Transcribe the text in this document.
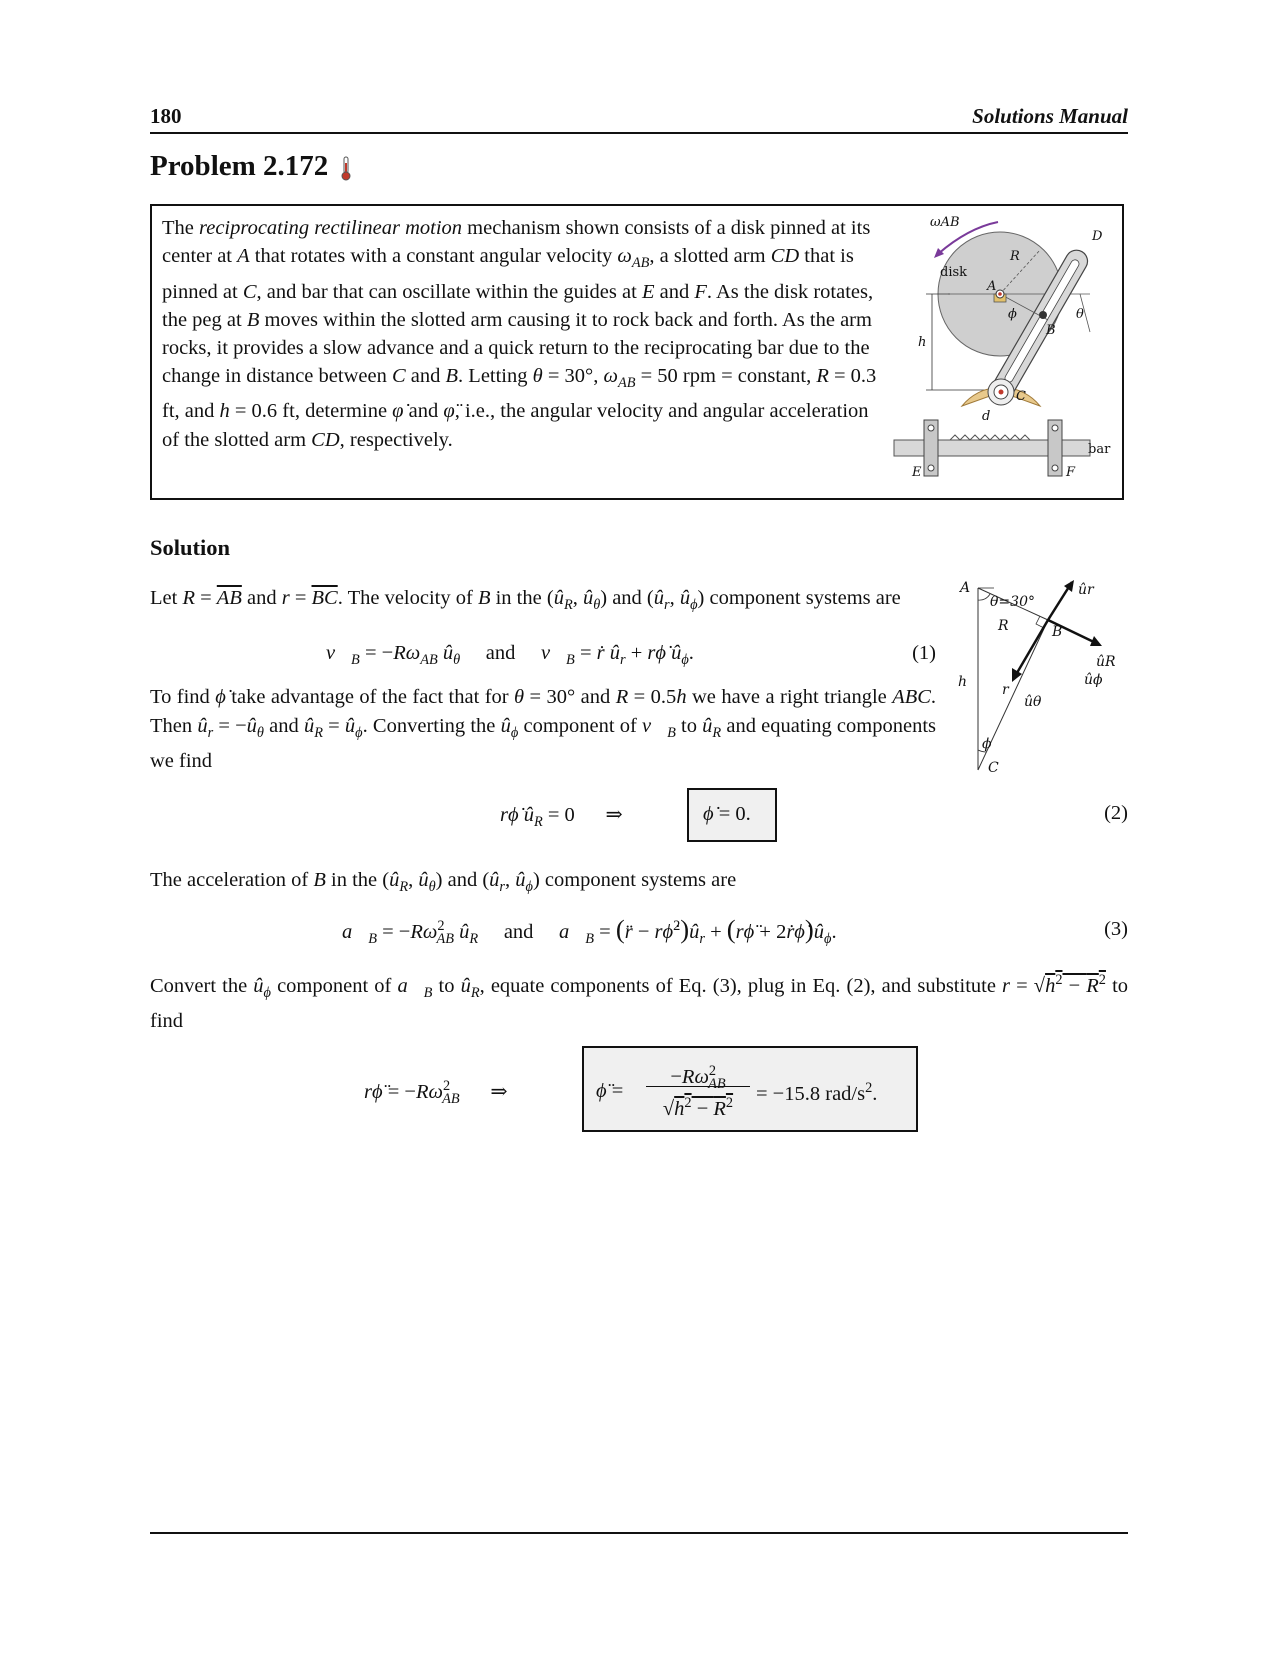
180	Solutions Manual
Problem 2.172
The reciprocating rectilinear motion mechanism shown consists of a disk pinned at its center at A that rotates with a constant angular velocity $\omega_{AB}$, a slotted arm CD that is pinned at C, and bar that can oscillate within the guides at E and F. As the disk rotates, the peg at B moves within the slotted arm causing it to rock back and forth. As the arm rocks, it provides a slow advance and a quick return to the reciprocating bar due to the change in distance between C and B. Letting θ = 30°, $\omega_{AB} = 50$ rpm = constant, R = 0.3 ft, and h = 0.6 ft, determine φ̇ and φ̈, i.e., the angular velocity and angular acceleration of the slotted arm CD, respectively.
ωAB
disk
A
R
D
ϕ	θ
B
h
C
d
E	F
bar
Solution
Let $R = \overline{AB}$ and $r = \overline{BC}$. The velocity of B in the ($û_R$, $û_\theta$) and ($û_r$, $û_\phi$) component systems are
$v⃗_B = -R\omega_{AB}$ $û_\theta$     and     $v⃗_B$ = ṙ $û_r$ + rϕ̇ $û_\phi$.	(1)
To find ϕ̇ take advantage of the fact that for θ = 30° and R = 0.5h we have a right triangle ABC. Then $û_r$ = $-û_\theta$ and $û_R$ = $û_\phi$. Converting the $û_\phi$ component of $v⃗_B$ to $û_R$ and equating components we find
A
θ=30°
ûr
R	B
ûR
ûϕ
h r
ûθ
ϕ
C
rϕ̇ $û_R = 0$      ⇒	ϕ̇ = 0.	(2)
The acceleration of B in the ($û_R$, $û_\theta$) and ($û_r$, $û_\phi$) component systems are
$a⃗_B = -R\omega^2_{AB}$ $û_R$     and     $a⃗_B$ = (r̈ − $r\phi̇^2)û_r$ + (rϕ̈ + $2ṙ\phi̇)û_\phi$.	(3)
Convert the $û_\phi$ component of $a⃗_B$ to $û_R$, equate components of Eq. (3), plug in Eq. (2), and substitute $r = √h^2 - R^2$ to find
rϕ̈ = $-R\omega^2_{AB}$      ⇒	ϕ̈ =
$-R\omega^2_{AB}$
$√h^2 - R^2$	= −15.8 rad/$s^2$.
